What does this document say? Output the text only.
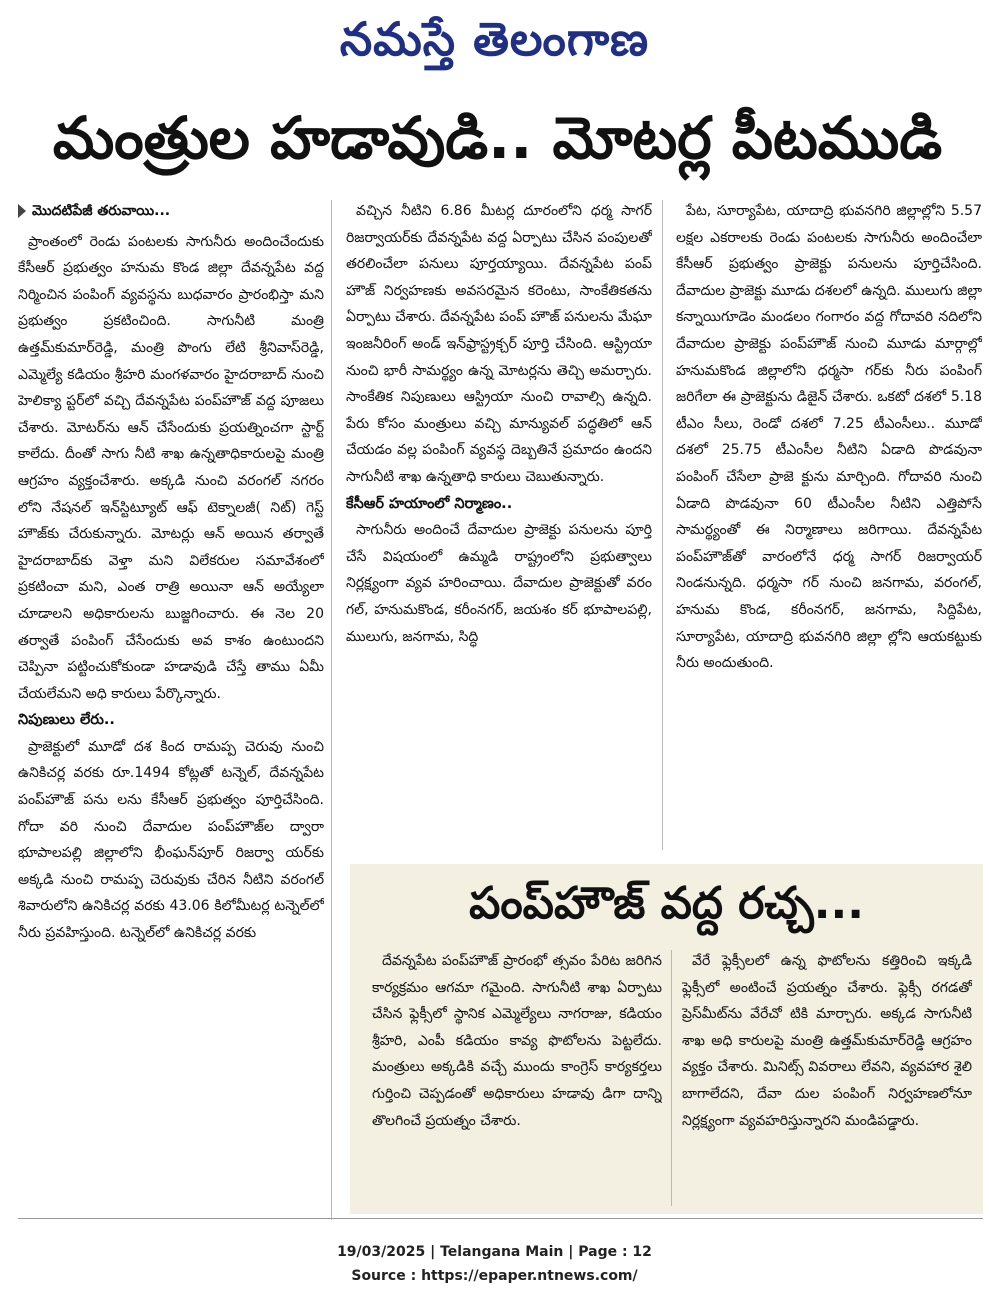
నమస్తే తెలంగాణ
మంత్రుల హడావుడి.. మోటర్ల పీటముడి
మొదటిపేజీ తరువాయి...

ప్రాంతంలో రెండు పంటలకు సాగునీరు అందించేందుకు కేసీఆర్ ప్రభుత్వం హనుమ కొండ జిల్లా దేవన్నపేట వద్ద నిర్మించిన పంపింగ్ వ్యవస్థను బుధవారం ప్రారంభిస్తా మని ప్రభుత్వం ప్రకటించింది. సాగునీటి మంత్రి ఉత్తమ్‌కుమార్‌రెడ్డి, మంత్రి పొంగు లేటి శ్రీనివాస్‌రెడ్డి, ఎమ్మెల్యే కడియం శ్రీహరి మంగళవారం హైదరాబాద్ నుంచి హెలిక్యా ప్టర్‌లో వచ్చి దేవన్నపేట పంప్‌హౌజ్ వద్ద పూజలు చేశారు. మోటర్‌ను ఆన్ చేసేందుకు ప్రయత్నించగా స్టార్ట్ కాలేదు. దీంతో సాగు నీటి శాఖ ఉన్నతాధికారులపై మంత్రి ఆగ్రహం వ్యక్తంచేశారు. అక్కడి నుంచి వరంగల్ నగరం లోని నేషనల్ ఇన్‌స్టిట్యూట్ ఆఫ్ టెక్నాలజీ( నిట్) గెస్ట్ హౌజ్‌కు చేరుకున్నారు. మోటర్లు ఆన్ అయిన తర్వాతే హైదరాబాద్‌కు వెళ్తా మని విలేకరుల సమావేశంలో ప్రకటించా మని, ఎంత రాత్రి అయినా ఆన్ అయ్యేలా చూడాలని అధికారులను బుజ్జగించారు. ఈ నెల 20 తర్వాతే పంపింగ్ చేసేందుకు అవ కాశం ఉంటుందని చెప్పినా పట్టించుకోకుండా హడావుడి చేస్తే తాము ఏమీ చేయలేమని అధి కారులు పేర్కొన్నారు.

నిపుణులు లేరు..

ప్రాజెక్టులో మూడో దశ కింద రామప్ప చెరువు నుంచి ఉనికిచర్ల వరకు రూ.1494 కోట్లతో టన్నెల్, దేవన్నపేట పంప్‌హౌజ్ పను లను కేసీఆర్ ప్రభుత్వం పూర్తిచేసింది. గోదా వరి నుంచి దేవాదుల పంప్‌హౌజ్‌ల ద్వారా భూపాలపల్లి జిల్లాలోని భీంఘన్‌పూర్ రిజర్వా యర్‌కు అక్కడి నుంచి రామప్ప చెరువుకు చేరిన నీటిని వరంగల్ శివారులోని ఉనికిచర్ల వరకు 43.06 కిలోమీటర్ల టన్నెల్‌లో నీరు ప్రవహిస్తుంది. టన్నెల్‌లో ఉనికిచర్ల వరకు

వచ్చిన నీటిని 6.86 మీటర్ల దూరంలోని ధర్మ సాగర్ రిజర్వాయర్‌కు దేవన్నపేట వద్ద ఏర్పాటు చేసిన పంపులతో తరలించేలా పనులు పూర్తయ్యాయి. దేవన్నపేట పంప్ హౌజ్ నిర్వహణకు అవసరమైన కరెంటు, సాంకేతికతను ఏర్పాటు చేశారు. దేవన్నపేట పంప్ హౌజ్ పనులను మేఘా ఇంజనీరింగ్ అండ్ ఇన్‌ఫ్రాస్ట్రక్చర్ పూర్తి చేసింది. ఆస్ట్రియా నుంచి భారీ సామర్థ్యం ఉన్న మోటర్లను తెచ్చి అమర్చారు. సాంకేతిక నిపుణులు ఆస్ట్రియా నుంచి రావాల్సి ఉన్నది. పేరు కోసం మంత్రులు వచ్చి మాన్యువల్ పద్ధతిలో ఆన్ చేయడం వల్ల పంపింగ్ వ్యవస్థ దెబ్బతినే ప్రమాదం ఉందని సాగునీటి శాఖ ఉన్నతాధి కారులు చెబుతున్నారు.

కేసీఆర్ హయాంలో నిర్మాణం..

సాగునీరు అందించే దేవాదుల ప్రాజెక్టు పనులను పూర్తి చేసే విషయంలో ఉమ్మడి రాష్ట్రంలోని ప్రభుత్వాలు నిర్లక్ష్యంగా వ్యవ హరించాయి. దేవాదుల ప్రాజెక్టుతో వరం గల్, హనుమకొండ, కరీంనగర్, జయశం కర్ భూపాలపల్లి, ములుగు, జనగామ, సిద్ధి

పేట, సూర్యాపేట, యాదాద్రి భువనగిరి జిల్లాల్లోని 5.57 లక్షల ఎకరాలకు రెండు పంటలకు సాగునీరు అందించేలా కేసీఆర్ ప్రభుత్వం ప్రాజెక్టు పనులను పూర్తిచేసింది. దేవాదుల ప్రాజెక్టు మూడు దశలలో ఉన్నది. ములుగు జిల్లా కన్నాయిగూడెం మండలం గంగారం వద్ద గోదావరి నదిలోని దేవాదుల ప్రాజెక్టు పంప్‌హౌజ్ నుంచి మూడు మార్గాల్లో హనుమకొండ జిల్లాలోని ధర్మసా గర్‌కు నీరు పంపింగ్ జరిగేలా ఈ ప్రాజెక్టును డిజైన్ చేశారు. ఒకటో దశలో 5.18 టీఎం సీలు, రెండో దశలో 7.25 టీఎంసీలు.. మూడో దశలో 25.75 టీఎంసీల నీటిని ఏడాది పొడవునా పంపింగ్ చేసేలా ప్రాజె క్టును మార్చింది. గోదావరి నుంచి ఏడాది పొడవునా 60 టీఎంసీల నీటిని ఎత్తిపోసే సామర్థ్యంతో ఈ నిర్మాణాలు జరిగాయి. దేవన్నపేట పంప్‌హౌజ్‌తో వారంలోనే ధర్మ సాగర్ రిజర్వాయర్ నిండనున్నది. ధర్మసా గర్ నుంచి జనగామ, వరంగల్, హనుమ కొండ, కరీంనగర్, జనగామ, సిద్దిపేట, సూర్యాపేట, యాదాద్రి భువనగిరి జిల్లా ల్లోని ఆయకట్టుకు నీరు అందుతుంది.

పంప్‌హౌజ్ వద్ద రచ్చ...

దేవన్నపేట పంప్‌హౌజ్ ప్రారంభో త్సవం పేరిట జరిగిన కార్యక్రమం ఆగమా గమైంది. సాగునీటి శాఖ ఏర్పాటు చేసిన ఫ్లెక్సీలో స్థానిక ఎమ్మెల్యేలు నాగరాజు, కడియం శ్రీహరి, ఎంపీ కడియం కావ్య ఫొటోలను పెట్టలేదు. మంత్రులు అక్కడికి వచ్చే ముందు కాంగ్రెస్ కార్యకర్తలు గుర్తించి చెప్పడంతో అధికారులు హడావు డిగా దాన్ని తొలగించే ప్రయత్నం చేశారు.

వేరే ఫ్లెక్సీలలో ఉన్న ఫొటోలను కత్తిరించి ఇక్కడి ఫ్లెక్సీలో అంటించే ప్రయత్నం చేశారు. ఫ్లెక్సీ రగడతో ప్రెస్‌మీట్‌ను వేరేచో టికి మార్చారు. అక్కడ సాగునీటి శాఖ అధి కారులపై మంత్రి ఉత్తమ్‌కుమార్‌రెడ్డి ఆగ్రహం వ్యక్తం చేశారు. మినిట్స్ వివరాలు లేవని, వ్యవహార శైలి బాగాలేదని, దేవా దుల పంపింగ్ నిర్వహణలోనూ నిర్లక్ష్యంగా వ్యవహరిస్తున్నారని మండిపడ్డారు.

19/03/2025 | Telangana Main | Page : 12
Source : https://epaper.ntnews.com/
